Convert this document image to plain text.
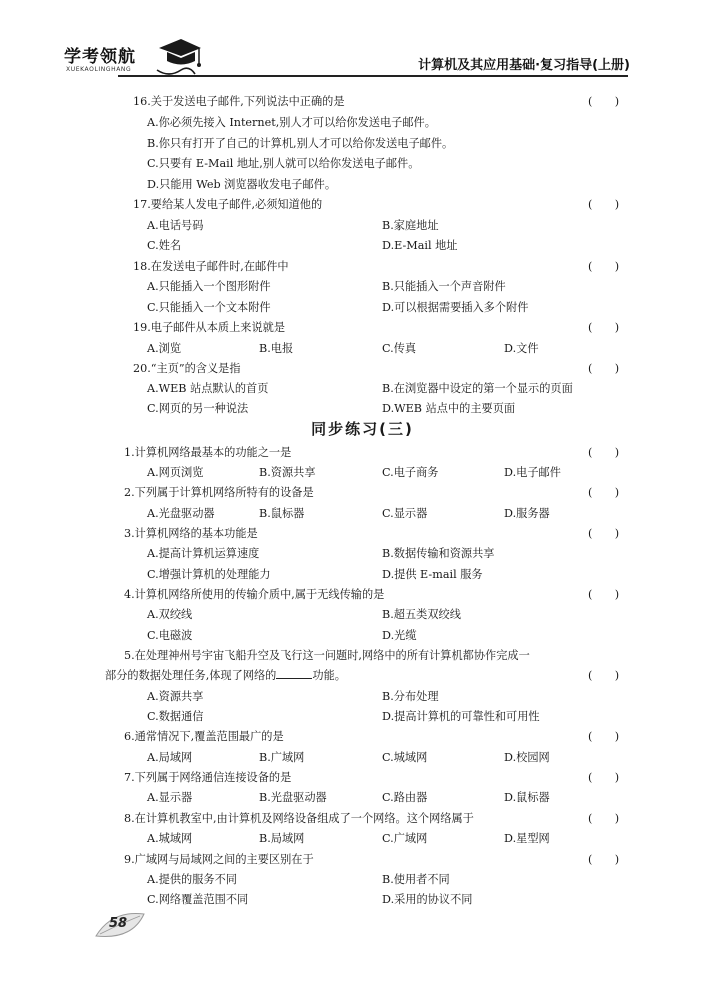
学考领航
XUEKAOLINGHANG	计算机及其应用基础·复习指导(上册)
16.关于发送电子邮件,下列说法中正确的是	(　　)
A.你必须先接入 Internet,别人才可以给你发送电子邮件。
B.你只有打开了自己的计算机,别人才可以给你发送电子邮件。
C.只要有 E-Mail 地址,别人就可以给你发送电子邮件。
D.只能用 Web 浏览器收发电子邮件。
17.要给某人发电子邮件,必须知道他的	(　　)
A.电话号码	B.家庭地址
C.姓名	D.E-Mail 地址
18.在发送电子邮件时,在邮件中	(　　)
A.只能插入一个图形附件	B.只能插入一个声音附件
C.只能插入一个文本附件	D.可以根据需要插入多个附件
19.电子邮件从本质上来说就是	(　　)
A.浏览	B.电报	C.传真	D.文件
20.“主页”的含义是指	(　　)
A.WEB 站点默认的首页	B.在浏览器中设定的第一个显示的页面
C.网页的另一种说法	D.WEB 站点中的主要页面
同步练习(三)
1.计算机网络最基本的功能之一是	(　　)
A.网页浏览	B.资源共享	C.电子商务	D.电子邮件
2.下列属于计算机网络所特有的设备是	(　　)
A.光盘驱动器	B.鼠标器	C.显示器	D.服务器
3.计算机网络的基本功能是	(　　)
A.提高计算机运算速度	B.数据传输和资源共享
C.增强计算机的处理能力	D.提供 E-mail 服务
4.计算机网络所使用的传输介质中,属于无线传输的是	(　　)
A.双绞线	B.超五类双绞线
C.电磁波	D.光缆
5.在处理神州号宇宙飞船升空及飞行这一问题时,网络中的所有计算机都协作完成一
部分的数据处理任务,体现了网络的	功能。	(　　)
A.资源共享	B.分布处理
C.数据通信	D.提高计算机的可靠性和可用性
6.通常情况下,覆盖范围最广的是	(　　)
A.局域网	B.广域网	C.城域网	D.校园网
7.下列属于网络通信连接设备的是	(　　)
A.显示器	B.光盘驱动器	C.路由器	D.鼠标器
8.在计算机教室中,由计算机及网络设备组成了一个网络。这个网络属于	(　　)
A.城域网	B.局域网	C.广域网	D.星型网
9.广域网与局域网之间的主要区别在于	(　　)
A.提供的服务不同	B.使用者不同
C.网络覆盖范围不同	D.采用的协议不同
58
